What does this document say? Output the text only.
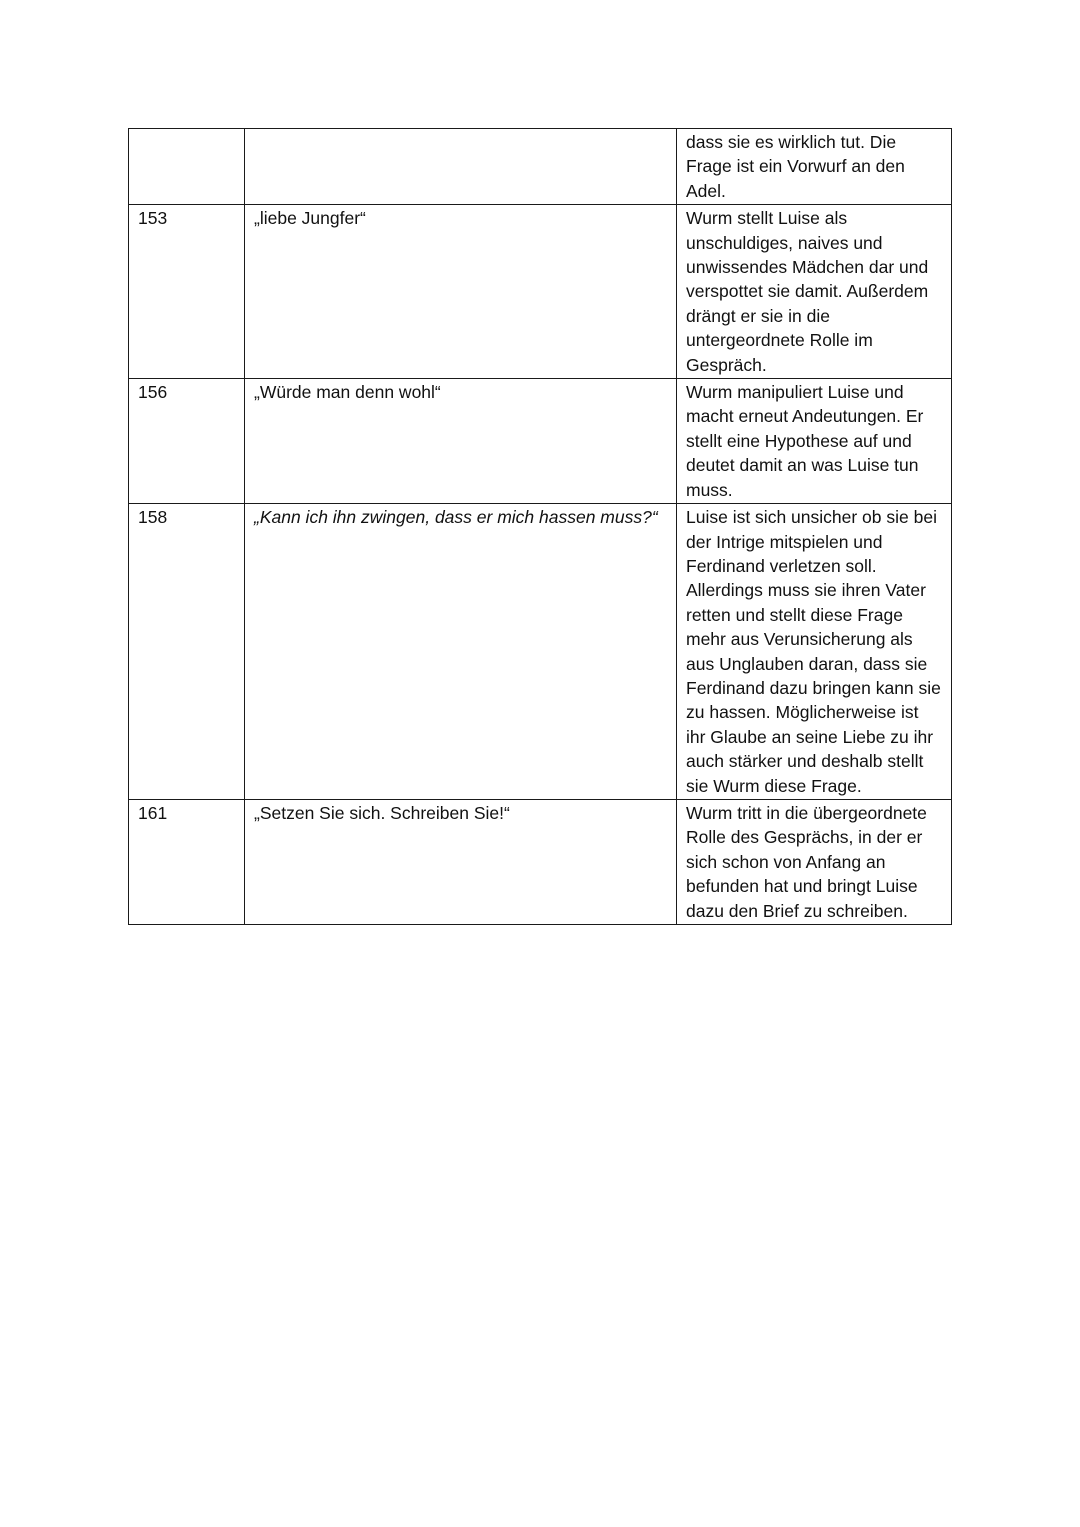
		dass sie es wirklich tut. Die Frage ist ein Vorwurf an den Adel.

153	„liebe Jungfer“	Wurm stellt Luise als unschuldiges, naives und unwissendes Mädchen dar und verspottet sie damit. Außerdem drängt er sie in die untergeordnete Rolle im Gespräch.

156	„Würde man denn wohl“	Wurm manipuliert Luise und macht erneut Andeutungen. Er stellt eine Hypothese auf und deutet damit an was Luise tun muss.

158	„Kann ich ihn zwingen, dass er mich hassen muss?“	Luise ist sich unsicher ob sie bei der Intrige mitspielen und Ferdinand verletzen soll. Allerdings muss sie ihren Vater retten und stellt diese Frage mehr aus Verunsicherung als aus Unglauben daran, dass sie Ferdinand dazu bringen kann sie zu hassen. Möglicherweise ist ihr Glaube an seine Liebe zu ihr auch stärker und deshalb stellt sie Wurm diese Frage.

161	„Setzen Sie sich. Schreiben Sie!“	Wurm tritt in die übergeordnete Rolle des Gesprächs, in der er sich schon von Anfang an befunden hat und bringt Luise dazu den Brief zu schreiben.
